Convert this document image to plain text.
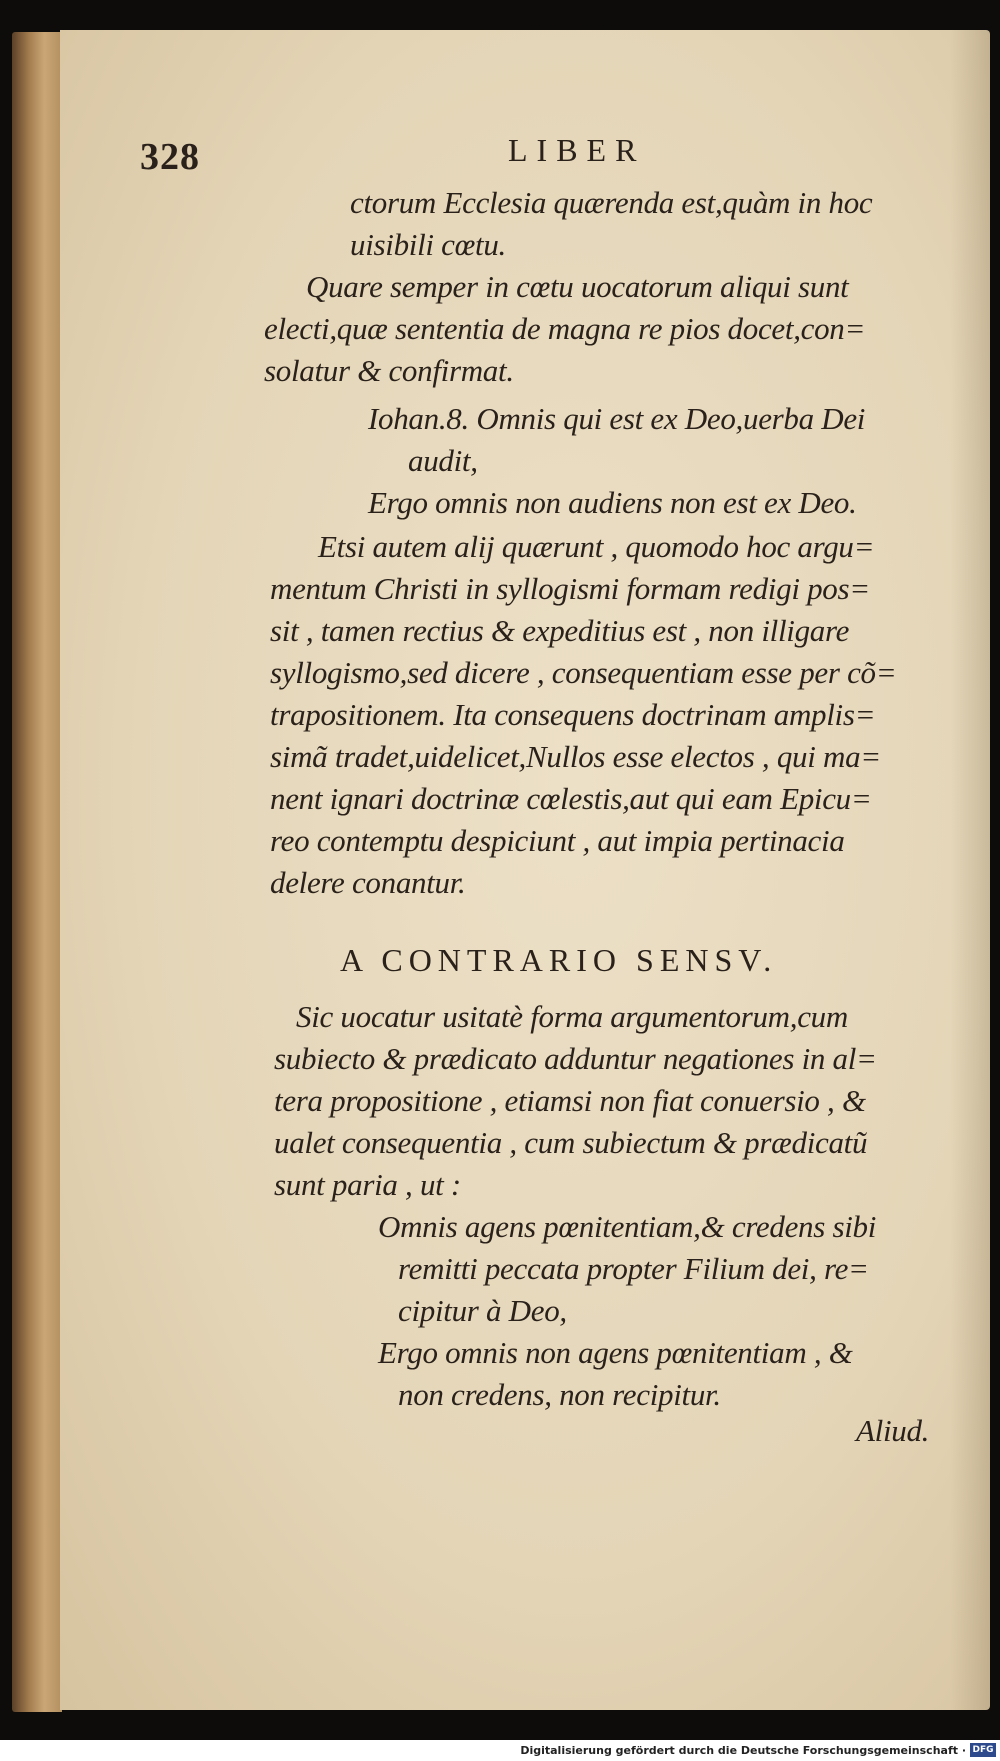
328	LIBER
ctorum Ecclesia quærenda est,quàm in hoc
uisibili cœtu.
Quare semper in cœtu uocatorum aliqui sunt
electi,quæ sententia de magna re pios docet,con=
solatur & confirmat.
Iohan.8. Omnis qui est ex Deo,uerba Dei
audit,
Ergo omnis non audiens non est ex Deo.
Etsi autem alij quærunt , quomodo hoc argu=
mentum Christi in syllogismi formam redigi pos=
sit , tamen rectius & expeditius est , non illigare
syllogismo,sed dicere , consequentiam esse per cõ=
trapositionem. Ita consequens doctrinam amplis=
simã tradet,uidelicet,Nullos esse electos , qui ma=
nent ignari doctrinæ cœlestis,aut qui eam Epicu=
reo contemptu despiciunt , aut impia pertinacia
delere conantur.
A CONTRARIO SENSV.
Sic uocatur usitatè forma argumentorum,cum
subiecto & prædicato adduntur negationes in al=
tera propositione , etiamsi non fiat conuersio , &
ualet consequentia , cum subiectum & prædicatũ
sunt paria , ut :
Omnis agens pœnitentiam,& credens sibi
remitti peccata propter Filium dei, re=
cipitur à Deo,
Ergo omnis non agens pœnitentiam , &
non credens, non recipitur.
Aliud.
Digitalisierung gefördert durch die Deutsche Forschungsgemeinschaft · DFG
